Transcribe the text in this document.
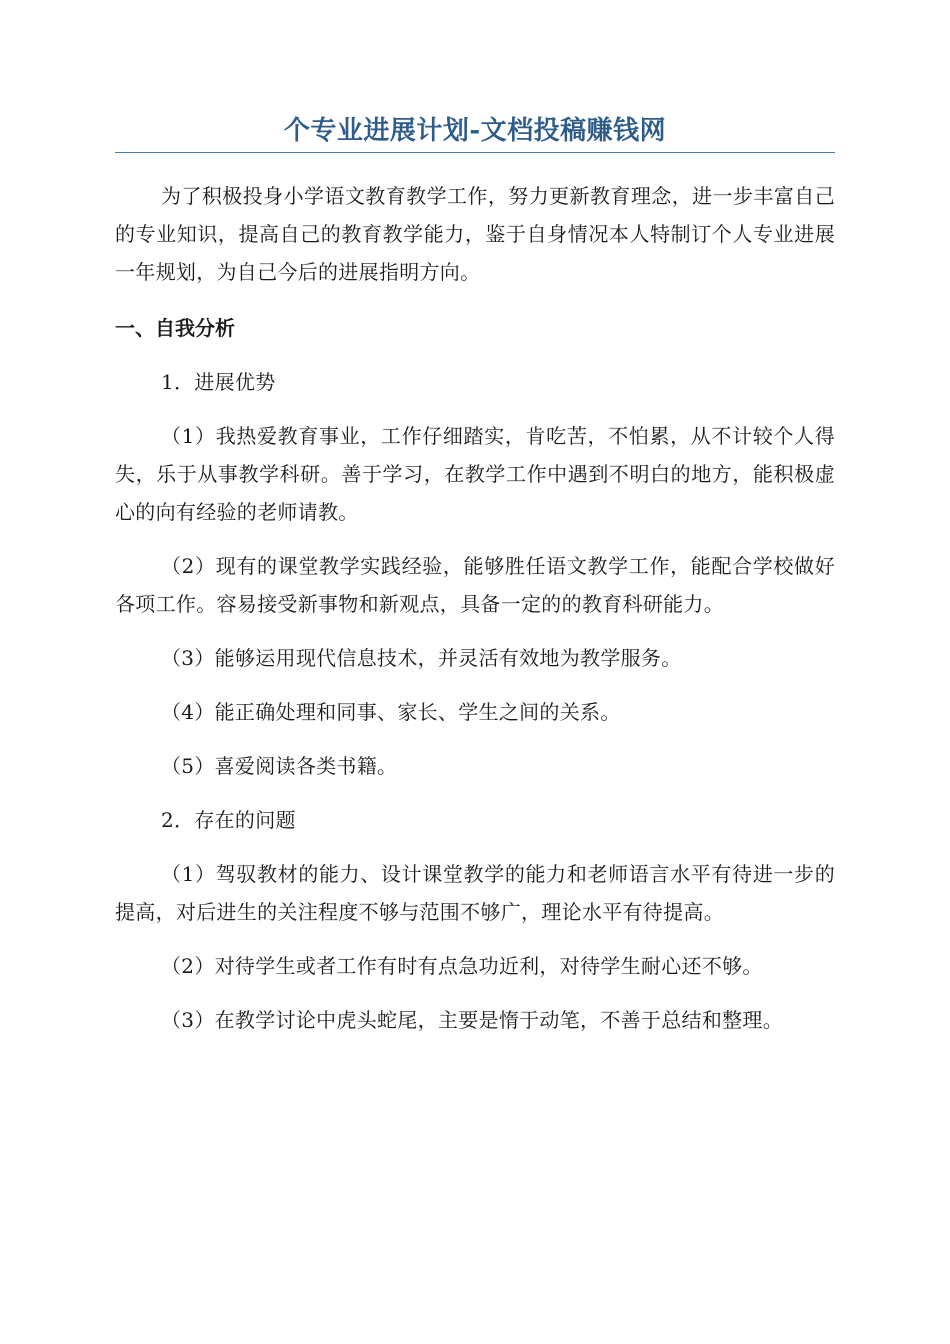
个专业进展计划-文档投稿赚钱网

为了积极投身小学语文教育教学工作，努力更新教育理念，进一步丰富自己的专业知识，提高自己的教育教学能力，鉴于自身情况本人特制订个人专业进展一年规划，为自己今后的进展指明方向。

一、自我分析

1．进展优势

（1）我热爱教育事业，工作仔细踏实，肯吃苦，不怕累，从不计较个人得失，乐于从事教学科研。善于学习，在教学工作中遇到不明白的地方，能积极虚心的向有经验的老师请教。

（2）现有的课堂教学实践经验，能够胜任语文教学工作，能配合学校做好各项工作。容易接受新事物和新观点，具备一定的的教育科研能力。

（3）能够运用现代信息技术，并灵活有效地为教学服务。

（4）能正确处理和同事、家长、学生之间的关系。

（5）喜爱阅读各类书籍。

2．存在的问题

（1）驾驭教材的能力、设计课堂教学的能力和老师语言水平有待进一步的提高，对后进生的关注程度不够与范围不够广，理论水平有待提高。

（2）对待学生或者工作有时有点急功近利，对待学生耐心还不够。

（3）在教学讨论中虎头蛇尾，主要是惰于动笔，不善于总结和整理。
